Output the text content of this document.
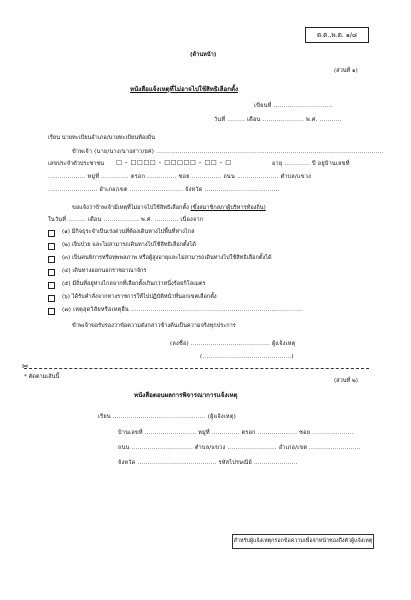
ต.ต.,พ.ต. ๑/๘
(ด้านหน้า)
(ส่วนที่ ๑)
หนังสือแจ้งเหตุที่ไม่อาจไปใช้สิทธิเลือกตั้ง
เขียนที่ ..............................
วันที่ ......... เดือน ..................... พ.ศ. ...........
เรียน นายทะเบียนอำเภอ/นายทะเบียนท้องถิ่น
ข้าพเจ้า (นาย/นาง/นางสาว/ยศ) ...................................................................................................................
เลขประจำตัวประชาชน ☐ - ☐☐☐☐ - ☐☐☐☐☐ - ☐☐ - ☐	อายุ ............. ปี อยู่บ้านเลขที่
................... หมู่ที่ .............. ตรอก ............... ซอย ............... ถนน ..................... ตำบล/แขวง
......................... อำเภอ/เขต ........................... จังหวัด ......................................
ขอแจ้งว่าข้าพเจ้ามีเหตุที่ไม่อาจไปใช้สิทธิเลือกตั้ง (ซึ่งสมาชิกสภาผู้บริหารท้องถิ่น)
ในวันที่ ......... เดือน .................. พ.ศ. ............ เนื่องจาก
(๑) มีกิจธุระจำเป็นเร่งด่วนที่ต้องเดินทางไปพื้นที่ห่างไกล
(๒) เจ็บป่วย และไม่สามารถเดินทางไปใช้สิทธิเลือกตั้งได้
(๓) เป็นคนพิการหรือทุพพลภาพ หรือผู้สูงอายุและไม่สามารถเดินทางไปใช้สิทธิเลือกตั้งได้
(๔) เดินทางออกนอกราชอาณาจักร
(๕) มีถิ่นที่อยู่ห่างไกลจากที่เลือกตั้งเกินกว่าหนึ่งร้อยกิโลเมตร
(๖) ได้รับคำสั่งจากทางราชการให้ไปปฏิบัติหน้าที่นอกเขตเลือกตั้ง
(๗) เหตุสุดวิสัยหรือเหตุอื่น .......................................................................................
ข้าพเจ้าขอรับรองว่าข้อความดังกล่าวข้างต้นเป็นความจริงทุกประการ
(ลงชื่อ) ........................................ ผู้แจ้งเหตุ
(.............................................)
✂
* ตัดตามเส้นนี้
(ส่วนที่ ๒)
หนังสือตอบผลการพิจารณาการแจ้งเหตุ
เรียน ............................................... (ผู้แจ้งเหตุ)
บ้านเลขที่ .......................... หมู่ที่ .............. ตรอก .................... ซอย .....................
ถนน ............................... ตำบล/แขวง ......................... อำเภอ/เขต ..........................
จังหวัด ........................................ รหัสไปรษณีย์ ......................
สำหรับผู้แจ้งเหตุกรอกข้อความเพื่อจ่าหน้าซองถึงตัวผู้แจ้งเหตุ
